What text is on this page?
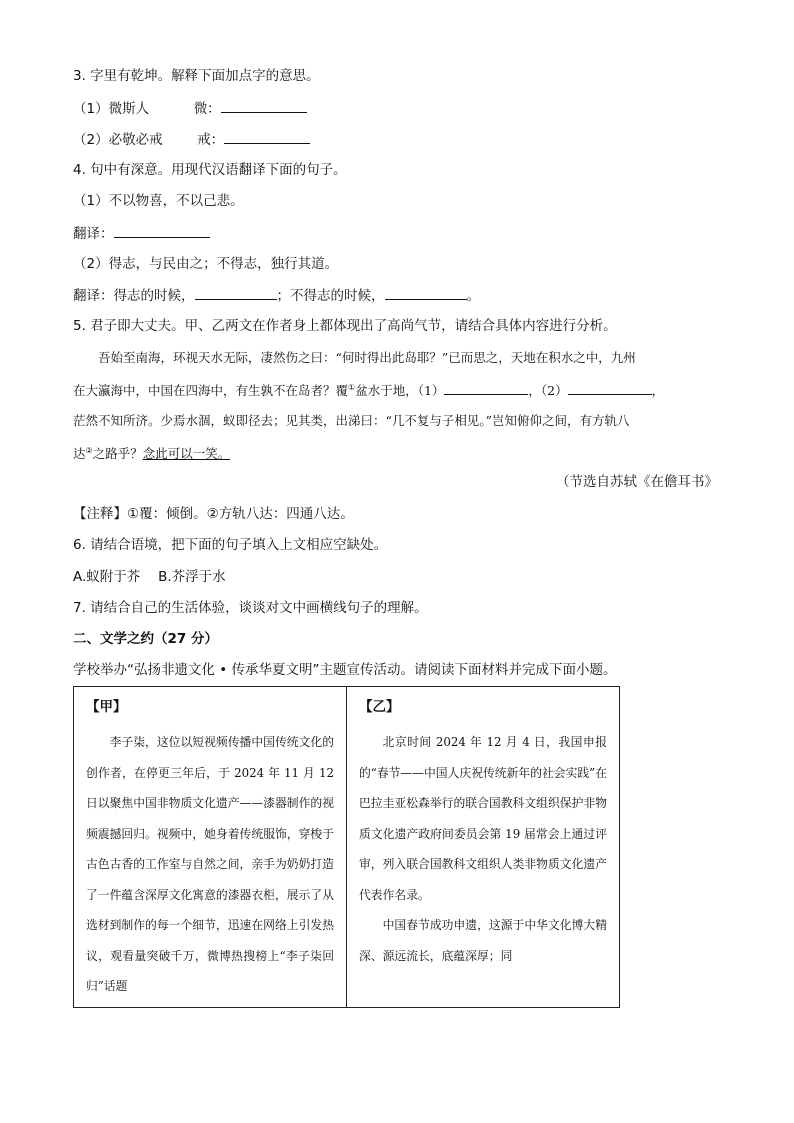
3. 字里有乾坤。解释下面加点字的意思。
（1）微斯人	微：
（2）必敬必戒	戒：
4. 句中有深意。用现代汉语翻译下面的句子。
（1）不以物喜，不以己悲。
翻译：
（2）得志，与民由之；不得志，独行其道。
翻译：得志的时候，	；不得志的时候，	。
5. 君子即大丈夫。甲、乙两文在作者身上都体现出了高尚气节，请结合具体内容进行分析。
吾始至南海，环视天水无际，凄然伤之曰：“何时得出此岛耶？”已而思之，天地在积水之中，九州
在大瀛海中，中国在四海中，有生孰不在岛者？覆①盆水于地，（1）	，（2）	，
茫然不知所济。少焉水涸，蚁即径去；见其类，出涕曰：“几不复与子相见。”岂知俯仰之间，有方轨八
达②之路乎？念此可以一笑。
（节选自苏轼《在儋耳书》
【注释】①覆：倾倒。②方轨八达：四通八达。
6. 请结合语境，把下面的句子填入上文相应空缺处。
A.蚁附于芥　 B.芥浮于水
7. 请结合自己的生活体验，谈谈对文中画横线句子的理解。
二、文学之约（27 分）
学校举办“弘扬非遗文化 • 传承华夏文明”主题宣传活动。请阅读下面材料并完成下面小题。
【甲】

李子柒，这位以短视频传播中国传统文化的创作者，在停更三年后，于 2024 年 11 月 12 日以聚焦中国非物质文化遗产——漆器制作的视频震撼回归。视频中，她身着传统服饰，穿梭于古色古香的工作室与自然之间，亲手为奶奶打造了一件蕴含深厚文化寓意的漆器衣柜，展示了从选材到制作的每一个细节，迅速在网络上引发热议，观看量突破千万，微博热搜榜上“李子柒回归”话题

【乙】

北京时间 2024 年 12 月 4 日，我国申报的“春节——中国人庆祝传统新年的社会实践”在巴拉圭亚松森举行的联合国教科文组织保护非物质文化遗产政府间委员会第 19 届常会上通过评审，列入联合国教科文组织人类非物质文化遗产代表作名录。

中国春节成功申遗，这源于中华文化博大精深、源远流长，底蕴深厚；同
